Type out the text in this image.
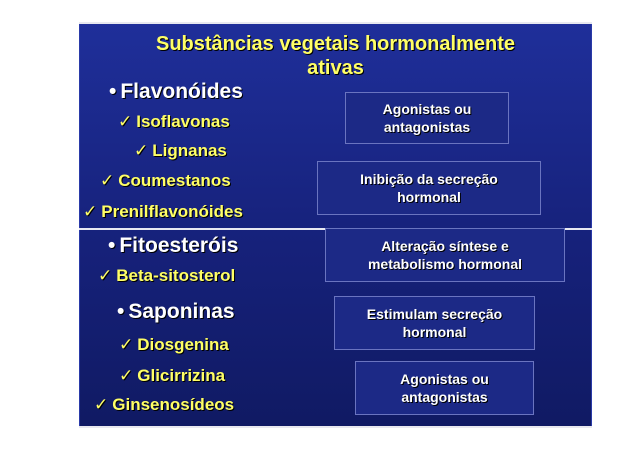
Substâncias vegetais hormonalmente
ativas
• Flavonóides
✓ Isoflavonas
✓ Lignanas
✓ Coumestanos
✓ Prenilflavonóides
• Fitoesteróis
✓ Beta-sitosterol
• Saponinas
✓ Diosgenina
✓ Glicirrizina
✓ Ginsenosídeos
Agonistas ou
antagonistas
Inibição da secreção
hormonal
Alteração síntese e
metabolismo hormonal
Estimulam secreção
hormonal
Agonistas ou
antagonistas
